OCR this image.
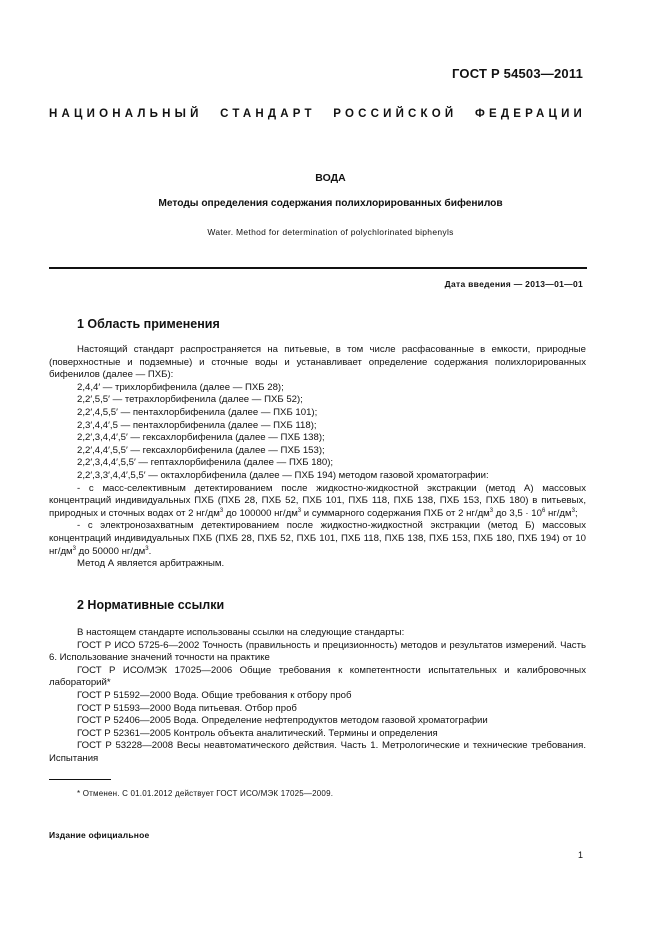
ГОСТ Р 54503—2011
НАЦИОНАЛЬНЫЙ СТАНДАРТ РОССИЙСКОЙ ФЕДЕРАЦИИ
ВОДА
Методы определения содержания полихлорированных бифенилов
Water. Method for determination of polychlorinated biphenyls
Дата введения — 2013—01—01
1 Область применения

Настоящий стандарт распространяется на питьевые, в том числе расфасованные в емкости, природные (поверхностные и подземные) и сточные воды и устанавливает определение содержания полихлорированных бифенилов (далее — ПХБ):

2,4,4′ — трихлорбифенила (далее — ПХБ 28);

2,2′,5,5′ — тетрахлорбифенила (далее — ПХБ 52);

2,2′,4,5,5′ — пентахлорбифенила (далее — ПХБ 101);

2,3′,4,4′,5 — пентахлорбифенила (далее — ПХБ 118);

2,2′,3,4,4′,5′ — гексахлорбифенила (далее — ПХБ 138);

2,2′,4,4′,5,5′ — гексахлорбифенила (далее — ПХБ 153);

2,2′,3,4,4′,5,5′ — гептахлорбифенила (далее — ПХБ 180);

2,2′,3,3′,4,4′,5,5′ — октахлорбифенила (далее — ПХБ 194) методом газовой хроматографии:

- с масс-селективным детектированием после жидкостно-жидкостной экстракции (метод А) массовых концентраций индивидуальных ПХБ (ПХБ 28, ПХБ 52, ПХБ 101, ПХБ 118, ПХБ 138, ПХБ 153, ПХБ 180) в питьевых, природных и сточных водах от 2 $нг/дм^3$ до 100000 $нг/дм^3$ и суммарного содержания ПХБ от 2 $нг/дм^3$ до $3,5 \cdot 10^6$ $нг/дм^3$;

- с электронозахватным детектированием после жидкостно-жидкостной экстракции (метод Б) массовых концентраций индивидуальных ПХБ (ПХБ 28, ПХБ 52, ПХБ 101, ПХБ 118, ПХБ 138, ПХБ 153, ПХБ 180, ПХБ 194) от 10 $нг/дм^3$ до 50000 $нг/дм^3$.

Метод А является арбитражным.

2 Нормативные ссылки

В настоящем стандарте использованы ссылки на следующие стандарты:

ГОСТ Р ИСО 5725-6—2002 Точность (правильность и прецизионность) методов и результатов измерений. Часть 6. Использование значений точности на практике

ГОСТ Р ИСО/МЭК 17025—2006 Общие требования к компетентности испытательных и калибровочных лабораторий*

ГОСТ Р 51592—2000 Вода. Общие требования к отбору проб

ГОСТ Р 51593—2000 Вода питьевая. Отбор проб

ГОСТ Р 52406—2005 Вода. Определение нефтепродуктов методом газовой хроматографии

ГОСТ Р 52361—2005 Контроль объекта аналитический. Термины и определения

ГОСТ Р 53228—2008 Весы неавтоматического действия. Часть 1. Метрологические и технические требования. Испытания

* Отменен. С 01.01.2012 действует ГОСТ ИСО/МЭК 17025—2009.
Издание официальное
1
